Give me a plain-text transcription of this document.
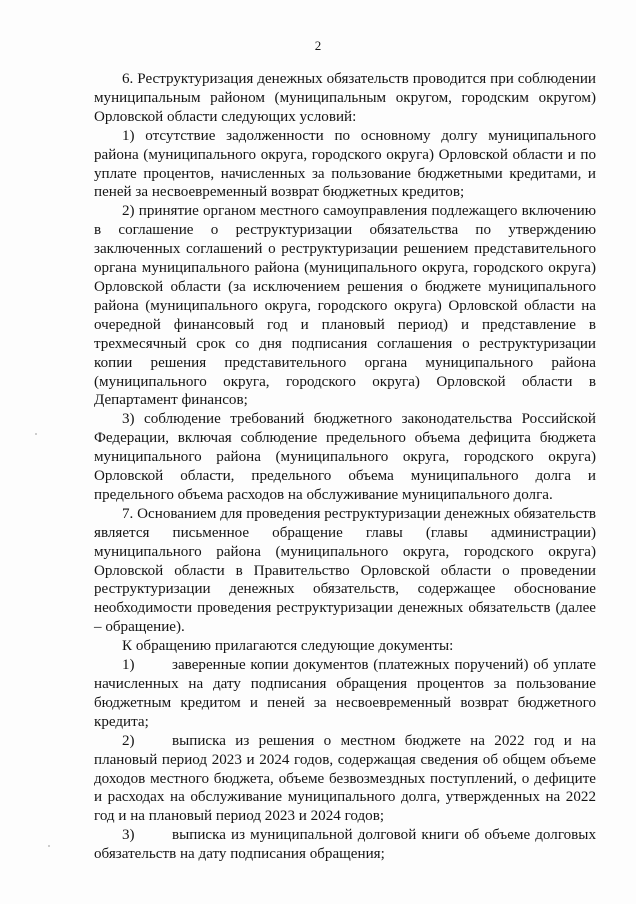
2

6. Реструктуризация денежных обязательств проводится при соблюдении муниципальным районом (муниципальным округом, городским округом) Орловской области следующих условий:

1) отсутствие задолженности по основному долгу муниципального района (муниципального округа, городского округа) Орловской области и по уплате процентов, начисленных за пользование бюджетными кредитами, и пеней за несвоевременный возврат бюджетных кредитов;

2) принятие органом местного самоуправления подлежащего включению в соглашение о реструктуризации обязательства по утверждению заключенных соглашений о реструктуризации решением представительного органа муниципального района (муниципального округа, городского округа) Орловской области (за исключением решения о бюджете муниципального района (муниципального округа, городского округа) Орловской области на очередной финансовый год и плановый период) и представление в трехмесячный срок со дня подписания соглашения о реструктуризации копии решения представительного органа муниципального района (муниципального округа, городского округа) Орловской области в Департамент финансов;

3) соблюдение требований бюджетного законодательства Российской Федерации, включая соблюдение предельного объема дефицита бюджета муниципального района (муниципального округа, городского округа) Орловской области, предельного объема муниципального долга и предельного объема расходов на обслуживание муниципального долга.

7. Основанием для проведения реструктуризации денежных обязательств является письменное обращение главы (главы администрации) муниципального района (муниципального округа, городского округа) Орловской области в Правительство Орловской области о проведении реструктуризации денежных обязательств, содержащее обоснование необходимости проведения реструктуризации денежных обязательств (далее – обращение).

К обращению прилагаются следующие документы:

1) заверенные копии документов (платежных поручений) об уплате начисленных на дату подписания обращения процентов за пользование бюджетным кредитом и пеней за несвоевременный возврат бюджетного кредита;

2) выписка из решения о местном бюджете на 2022 год и на плановый период 2023 и 2024 годов, содержащая сведения об общем объеме доходов местного бюджета, объеме безвозмездных поступлений, о дефиците и расходах на обслуживание муниципального долга, утвержденных на 2022 год и на плановый период 2023 и 2024 годов;

3) выписка из муниципальной долговой книги об объеме долговых обязательств на дату подписания обращения;
